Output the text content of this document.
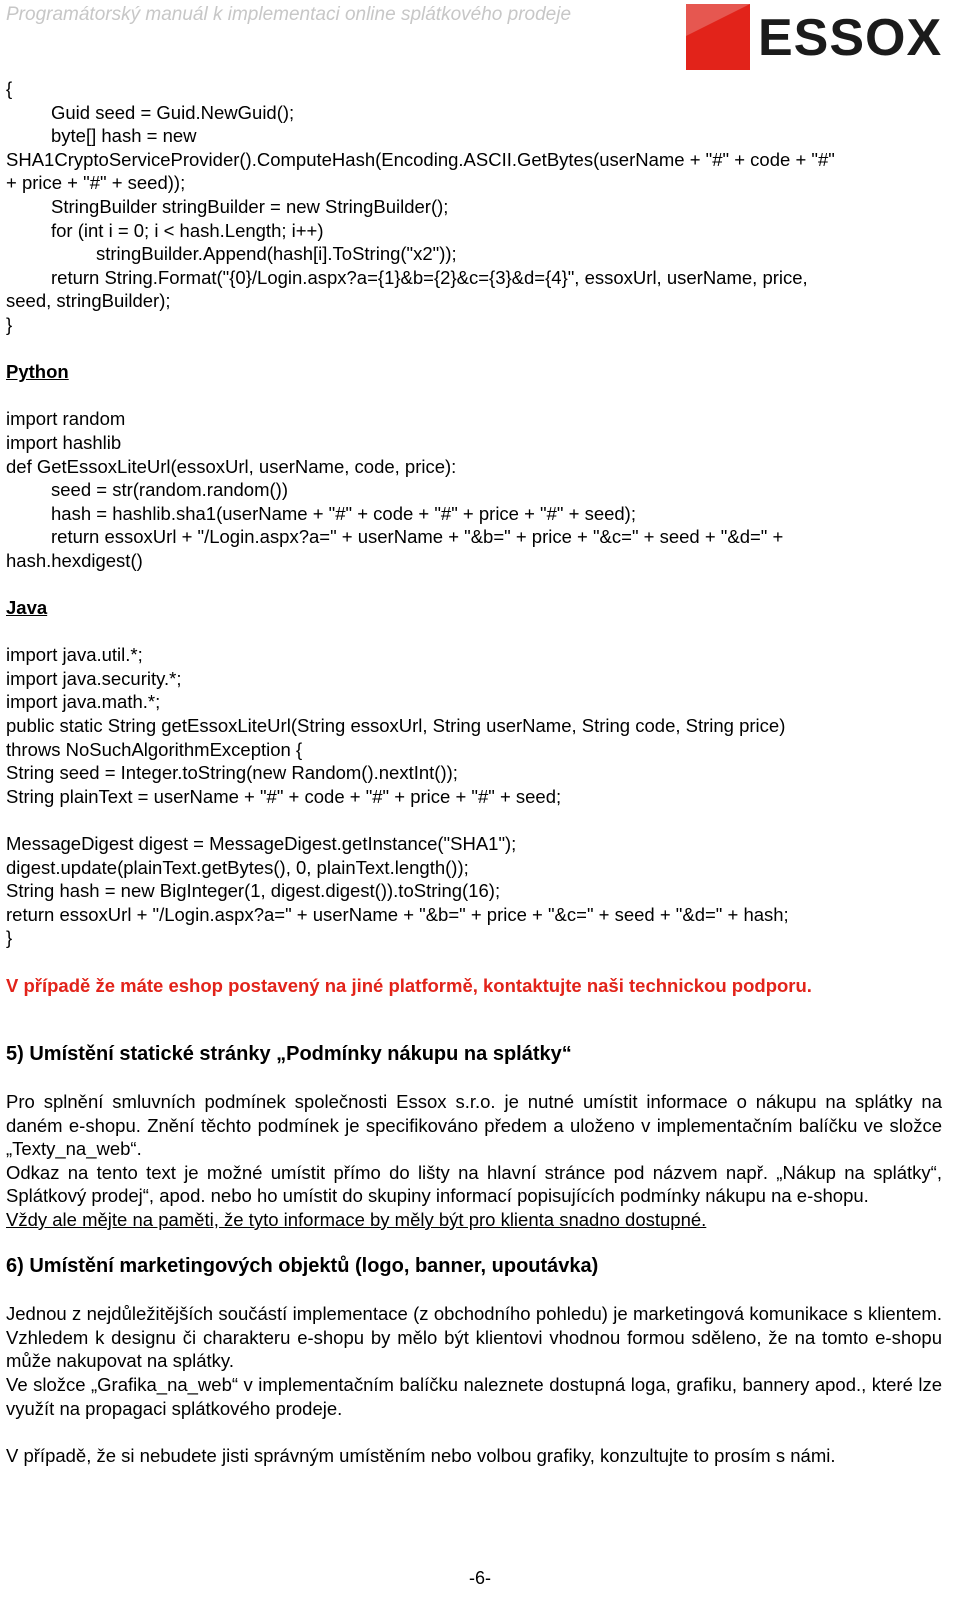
Programátorský manuál k implementaci online splátkového prodeje	ESSOX
{
Guid seed = Guid.NewGuid();
byte[] hash = new
SHA1CryptoServiceProvider().ComputeHash(Encoding.ASCII.GetBytes(userName + "#" + code + "#"
+ price + "#" + seed));
StringBuilder stringBuilder = new StringBuilder();
for (int i = 0; i < hash.Length; i++)
stringBuilder.Append(hash[i].ToString("x2"));
return String.Format("{0}/Login.aspx?a={1}&b={2}&c={3}&d={4}", essoxUrl, userName, price,
seed, stringBuilder);
}
Python
import random
import hashlib
def GetEssoxLiteUrl(essoxUrl, userName, code, price):
seed = str(random.random())
hash = hashlib.sha1(userName + "#" + code + "#" + price + "#" + seed);
return essoxUrl + "/Login.aspx?a=" + userName + "&b=" + price + "&c=" + seed + "&d=" +
hash.hexdigest()
Java
import java.util.*;
import java.security.*;
import java.math.*;
public static String getEssoxLiteUrl(String essoxUrl, String userName, String code, String price)
throws NoSuchAlgorithmException {
String seed = Integer.toString(new Random().nextInt());
String plainText = userName + "#" + code + "#" + price + "#" + seed;
MessageDigest digest = MessageDigest.getInstance("SHA1");
digest.update(plainText.getBytes(), 0, plainText.length());
String hash = new BigInteger(1, digest.digest()).toString(16);
return essoxUrl + "/Login.aspx?a=" + userName + "&b=" + price + "&c=" + seed + "&d=" + hash;
}
V případě že máte eshop postavený na jiné platformě, kontaktujte naši technickou podporu.
5) Umístění statické stránky „Podmínky nákupu na splátky“
Pro splnění smluvních podmínek společnosti Essox s.r.o. je nutné umístit informace o nákupu na splátky na daném e-shopu. Znění těchto podmínek je specifikováno předem a uloženo v implementačním balíčku ve složce „Texty_na_web“.
Odkaz na tento text je možné umístit přímo do lišty na hlavní stránce pod názvem např. „Nákup na splátky“, Splátkový prodej“, apod. nebo ho umístit do skupiny informací popisujících podmínky nákupu na e-shopu.
Vždy ale mějte na paměti, že tyto informace by měly být pro klienta snadno dostupné.
6) Umístění marketingových objektů (logo, banner, upoutávka)
Jednou z nejdůležitějších součástí implementace (z obchodního pohledu) je marketingová komunikace s klientem. Vzhledem k designu či charakteru e-shopu by mělo být klientovi vhodnou formou sděleno, že na tomto e-shopu může nakupovat na splátky.
Ve složce „Grafika_na_web“ v implementačním balíčku naleznete dostupná loga, grafiku, bannery apod., které lze využít na propagaci splátkového prodeje.
V případě, že si nebudete jisti správným umístěním nebo volbou grafiky, konzultujte to prosím s námi.
-6-
